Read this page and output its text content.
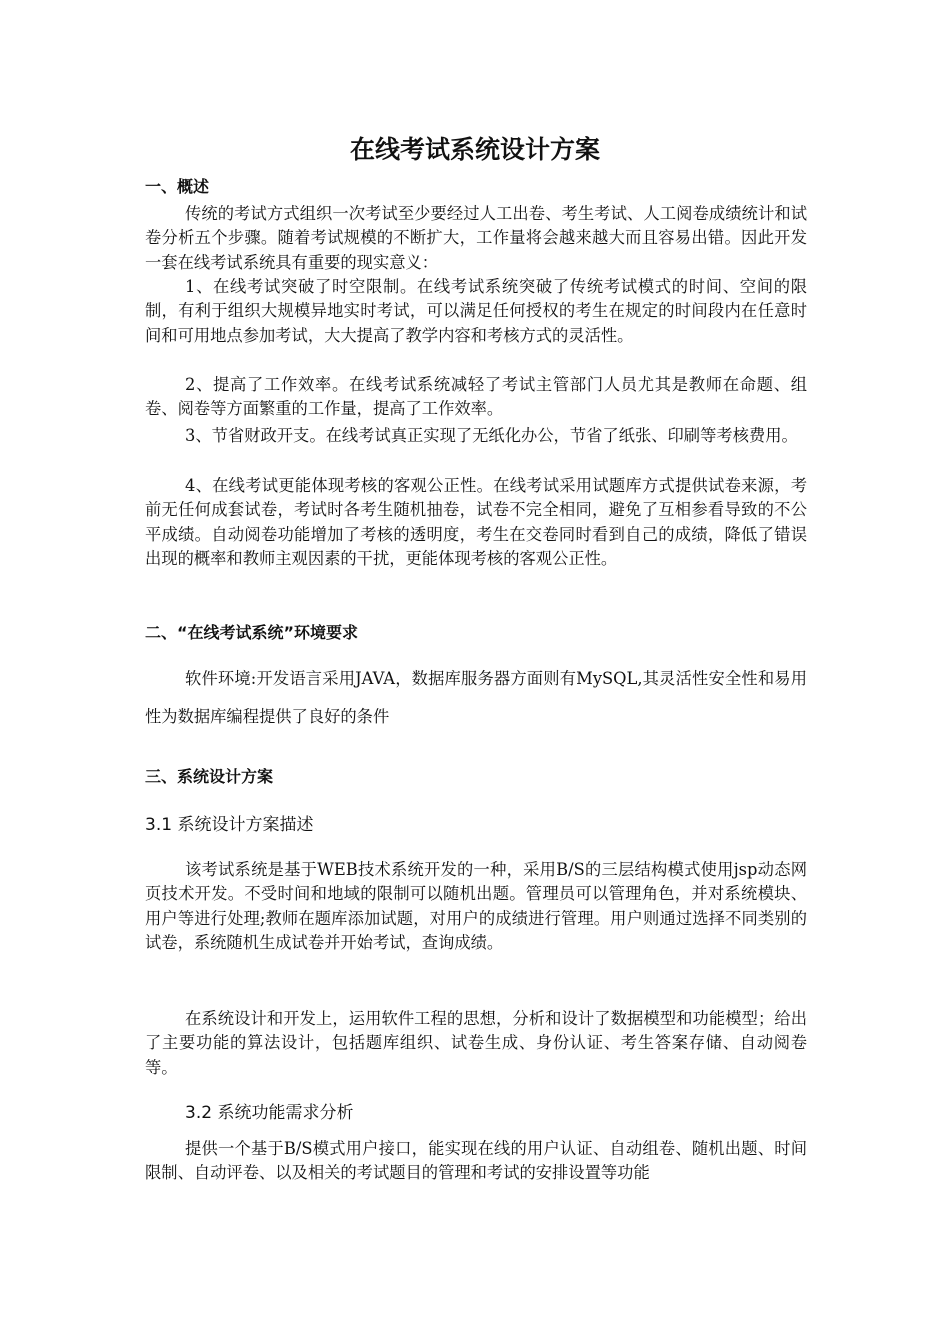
在线考试系统设计方案
一、概述

传统的考试方式组织一次考试至少要经过人工出卷、考生考试、人工阅卷成绩统计和试卷分析五个步骤。随着考试规模的不断扩大，工作量将会越来越大而且容易出错。因此开发一套在线考试系统具有重要的现实意义：

1、在线考试突破了时空限制。在线考试系统突破了传统考试模式的时间、空间的限制，有利于组织大规模异地实时考试，可以满足任何授权的考生在规定的时间段内在任意时间和可用地点参加考试，大大提高了教学内容和考核方式的灵活性。

2、提高了工作效率。在线考试系统减轻了考试主管部门人员尤其是教师在命题、组卷、阅卷等方面繁重的工作量，提高了工作效率。

3、节省财政开支。在线考试真正实现了无纸化办公，节省了纸张、印刷等考核费用。

4、在线考试更能体现考核的客观公正性。在线考试采用试题库方式提供试卷来源，考前无任何成套试卷，考试时各考生随机抽卷，试卷不完全相同，避免了互相参看导致的不公平成绩。自动阅卷功能增加了考核的透明度，考生在交卷同时看到自己的成绩，降低了错误出现的概率和教师主观因素的干扰，更能体现考核的客观公正性。

二、“在线考试系统”环境要求

软件环境:开发语言采用JAVA，数据库服务器方面则有MySQL,其灵活性安全性和易用性为数据库编程提供了良好的条件

三、系统设计方案
3.1 系统设计方案描述

该考试系统是基于WEB技术系统开发的一种，采用B/S的三层结构模式使用jsp动态网页技术开发。不受时间和地域的限制可以随机出题。管理员可以管理角色，并对系统模块、用户等进行处理;教师在题库添加试题，对用户的成绩进行管理。用户则通过选择不同类别的试卷，系统随机生成试卷并开始考试，查询成绩。

在系统设计和开发上，运用软件工程的思想，分析和设计了数据模型和功能模型；给出了主要功能的算法设计，包括题库组织、试卷生成、身份认证、考生答案存储、自动阅卷等。

3.2 系统功能需求分析

提供一个基于B/S模式用户接口，能实现在线的用户认证、自动组卷、随机出题、时间限制、自动评卷、以及相关的考试题目的管理和考试的安排设置等功能
